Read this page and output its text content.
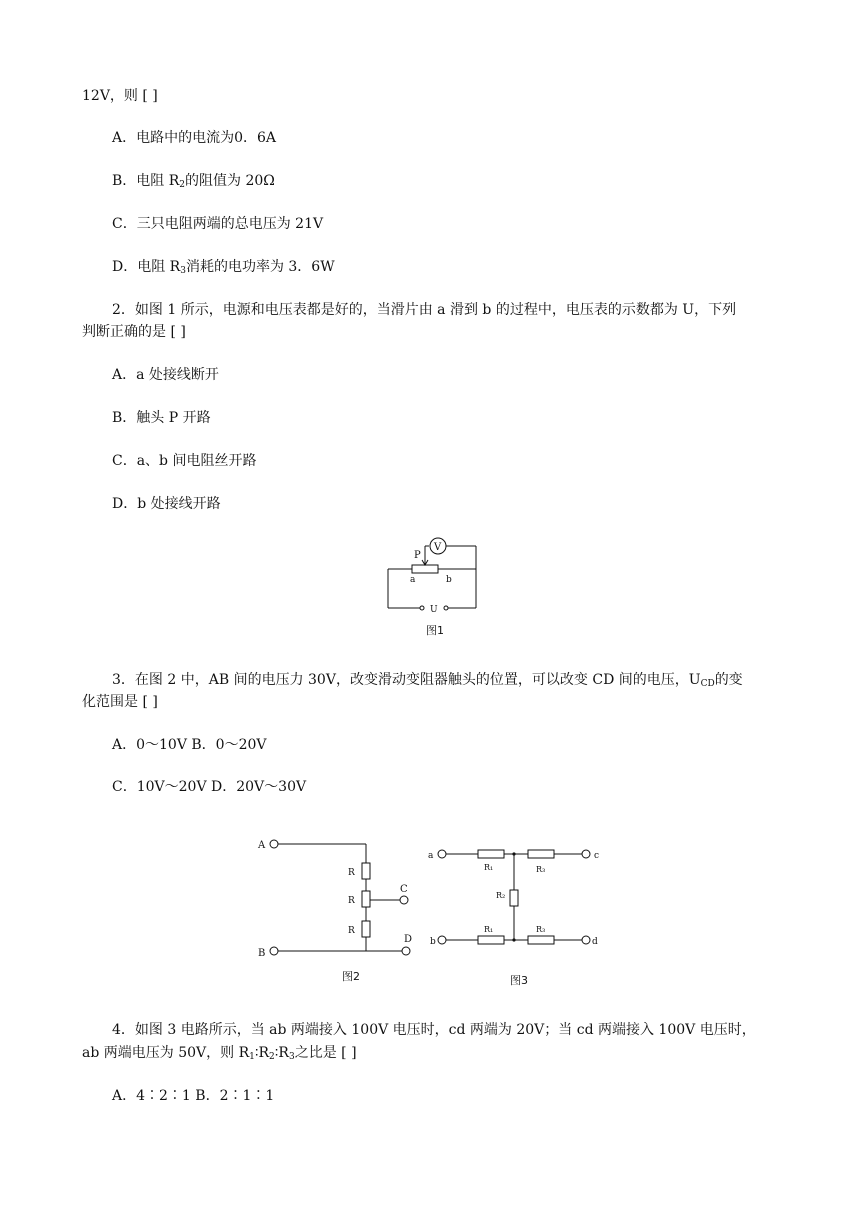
12V，则 [ ]
A．电路中的电流为0．6A
B．电阻 $R_2$的阻值为 20Ω
C．三只电阻两端的总电压为 21V
D．电阻 $R_3$消耗的电功率为 3．6W
2．如图 1 所示，电源和电压表都是好的，当滑片由 a 滑到 b 的过程中，电压表的示数都为 U，下列
判断正确的是 [ ]
A．a 处接线断开
B．触头 P 开路
C．a、b 间电阻丝开路
D．b 处接线开路
P
V
a	b
U
图1
3．在图 2 中，AB 间的电压力 30V，改变滑动变阻器触头的位置，可以改变 CD 间的电压，$U_{CD}$的变
化范围是 [ ]
A．0～10V B．0～20V
C．10V～20V D．20V～30V
A
B
C
D
R
R
R
图2
a
b
c
d
R₁	R₃
R₂
R₁	R₃
图3
4．如图 3 电路所示，当 ab 两端接入 100V 电压时，cd 两端为 20V；当 cd 两端接入 100V 电压时，
ab 两端电压为 50V，则 $R_1∶R_2∶R_3$之比是 [ ]
A．4∶2∶1 B．2∶1∶1
